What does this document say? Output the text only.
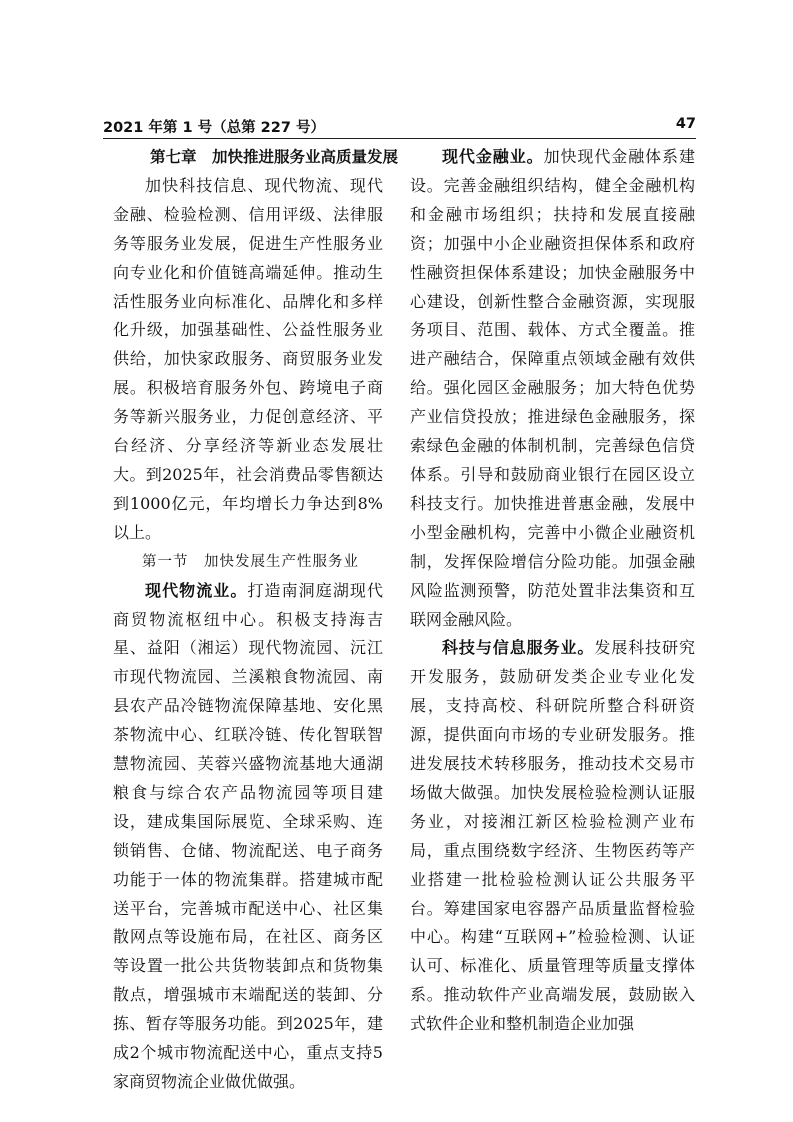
2021 年第 1 号（总第 227 号）	47

第七章　加快推进服务业高质量发展

加快科技信息、现代物流、现代金融、检验检测、信用评级、法律服务等服务业发展，促进生产性服务业向专业化和价值链高端延伸。推动生活性服务业向标准化、品牌化和多样化升级，加强基础性、公益性服务业供给，加快家政服务、商贸服务业发展。积极培育服务外包、跨境电子商务等新兴服务业，力促创意经济、平台经济、分享经济等新业态发展壮大。到2025年，社会消费品零售额达到1000亿元，年均增长力争达到8%以上。

第一节　加快发展生产性服务业

现代物流业。打造南洞庭湖现代商贸物流枢纽中心。积极支持海吉星、益阳（湘运）现代物流园、沅江市现代物流园、兰溪粮食物流园、南县农产品冷链物流保障基地、安化黑茶物流中心、红联冷链、传化智联智慧物流园、芙蓉兴盛物流基地大通湖粮食与综合农产品物流园等项目建设，建成集国际展览、全球采购、连锁销售、仓储、物流配送、电子商务功能于一体的物流集群。搭建城市配送平台，完善城市配送中心、社区集散网点等设施布局，在社区、商务区等设置一批公共货物装卸点和货物集散点，增强城市末端配送的装卸、分拣、暂存等服务功能。到2025年，建成2个城市物流配送中心，重点支持5家商贸物流企业做优做强。

现代金融业。加快现代金融体系建设。完善金融组织结构，健全金融机构和金融市场组织；扶持和发展直接融资；加强中小企业融资担保体系和政府性融资担保体系建设；加快金融服务中心建设，创新性整合金融资源，实现服务项目、范围、载体、方式全覆盖。推进产融结合，保障重点领域金融有效供给。强化园区金融服务；加大特色优势产业信贷投放；推进绿色金融服务，探索绿色金融的体制机制，完善绿色信贷体系。引导和鼓励商业银行在园区设立科技支行。加快推进普惠金融，发展中小型金融机构，完善中小微企业融资机制，发挥保险增信分险功能。加强金融风险监测预警，防范处置非法集资和互联网金融风险。

科技与信息服务业。发展科技研究开发服务，鼓励研发类企业专业化发展，支持高校、科研院所整合科研资源，提供面向市场的专业研发服务。推进发展技术转移服务，推动技术交易市场做大做强。加快发展检验检测认证服务业，对接湘江新区检验检测产业布局，重点围绕数字经济、生物医药等产业搭建一批检验检测认证公共服务平台。筹建国家电容器产品质量监督检验中心。构建“互联网+”检验检测、认证认可、标准化、质量管理等质量支撑体系。推动软件产业高端发展，鼓励嵌入式软件企业和整机制造企业加强
